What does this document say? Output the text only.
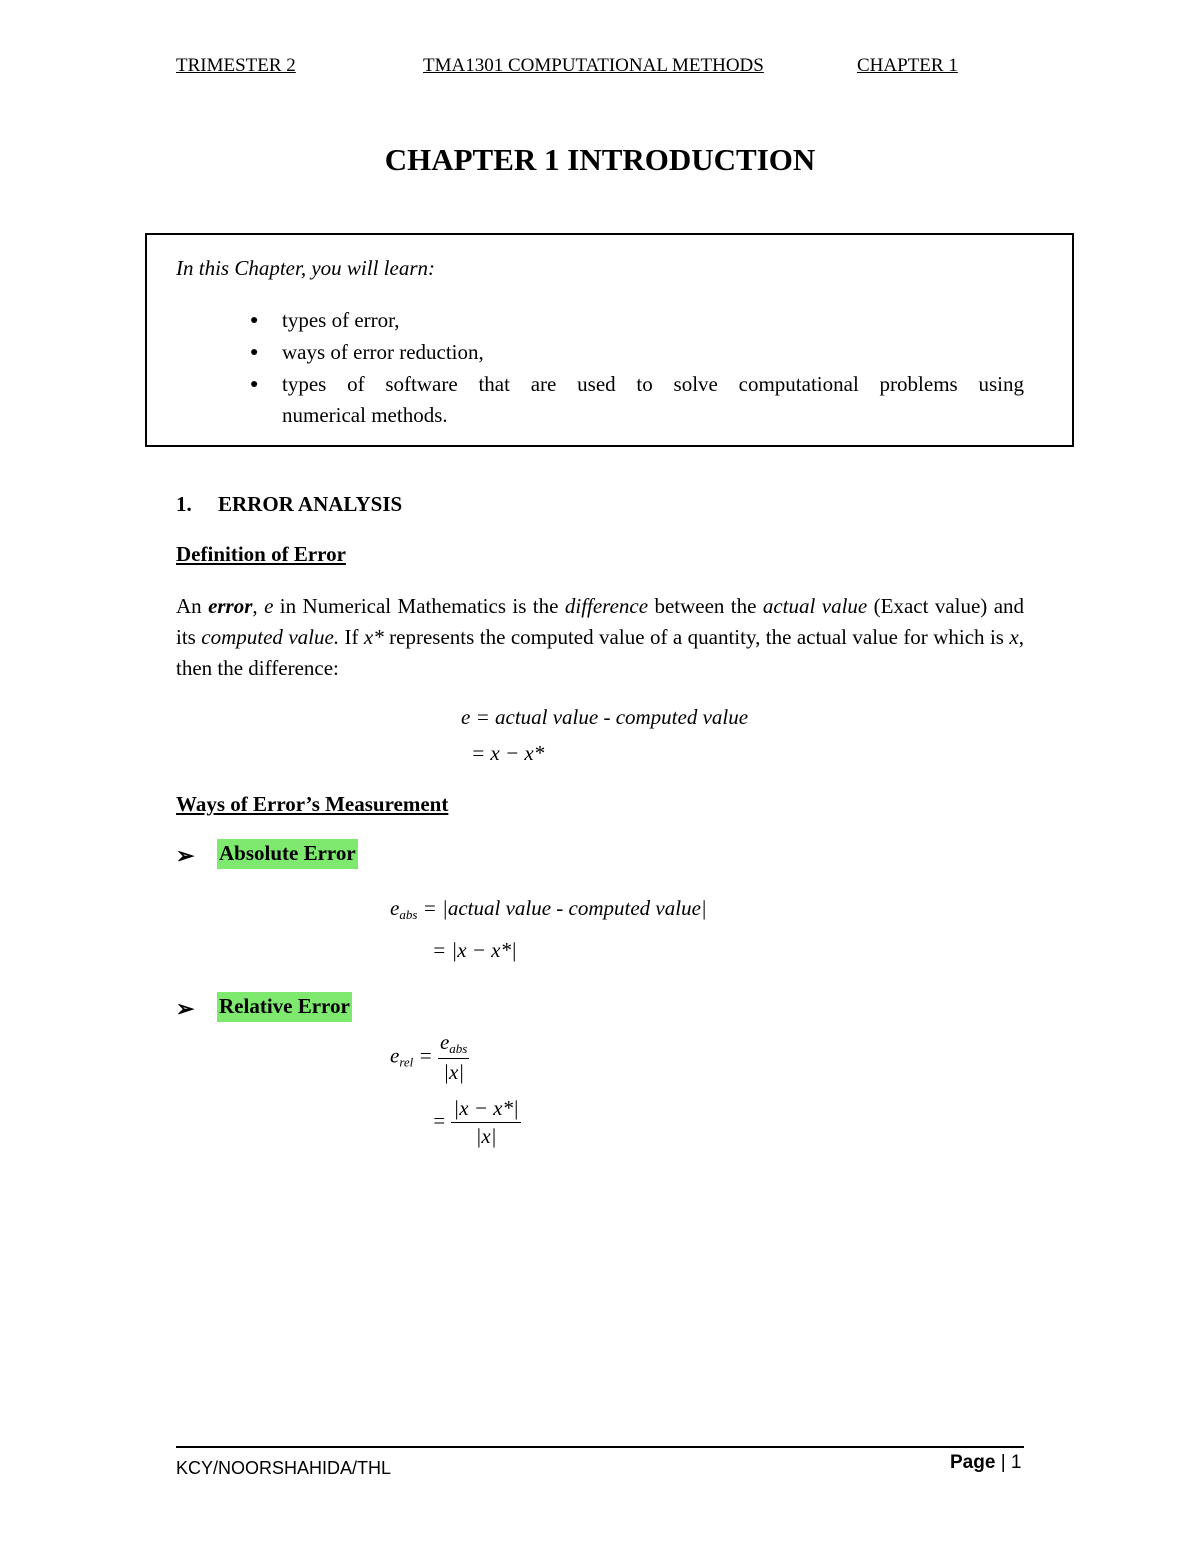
TRIMESTER 2	TMA1301 COMPUTATIONAL METHODS	CHAPTER 1
CHAPTER 1 INTRODUCTION
In this Chapter, you will learn:
● types of error,
● ways of error reduction,
● types of software that are used to solve computational problems using
numerical methods.
1. ERROR ANALYSIS
Definition of Error
An error, e in Numerical Mathematics is the difference between the actual value (Exact value) and its computed value. If x* represents the computed value of a quantity, the actual value for which is x, then the difference:
e = actual value - computed value
= x − x*
Ways of Error’s Measurement
➢ Absolute Error
$e_{abs}$ = |actual value - computed value|
= |x − x*|
➢ Relative Error
$e_{rel} = \frac{e_{abs}}{|x|}$
= $\frac{|x - x*|}{|x|}$
KCY/NOORSHAHIDA/THL	Page | 1
